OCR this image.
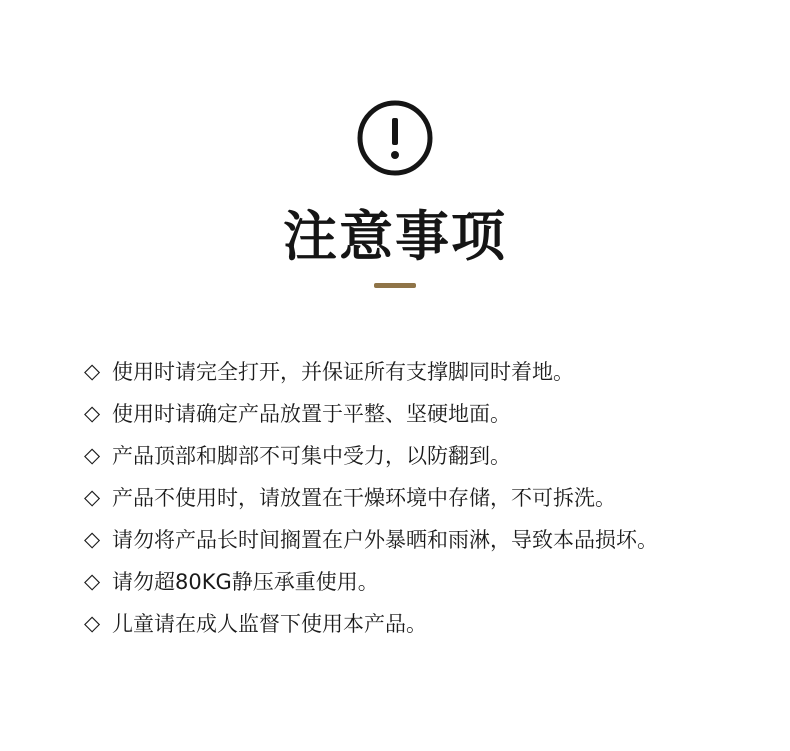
注意事项
◇ 使用时请完全打开，并保证所有支撑脚同时着地。
◇ 使用时请确定产品放置于平整、坚硬地面。
◇ 产品顶部和脚部不可集中受力，以防翻到。
◇ 产品不使用时，请放置在干燥环境中存储，不可拆洗。
◇ 请勿将产品长时间搁置在户外暴晒和雨淋，导致本品损坏。
◇ 请勿超80KG静压承重使用。
◇ 儿童请在成人监督下使用本产品。
